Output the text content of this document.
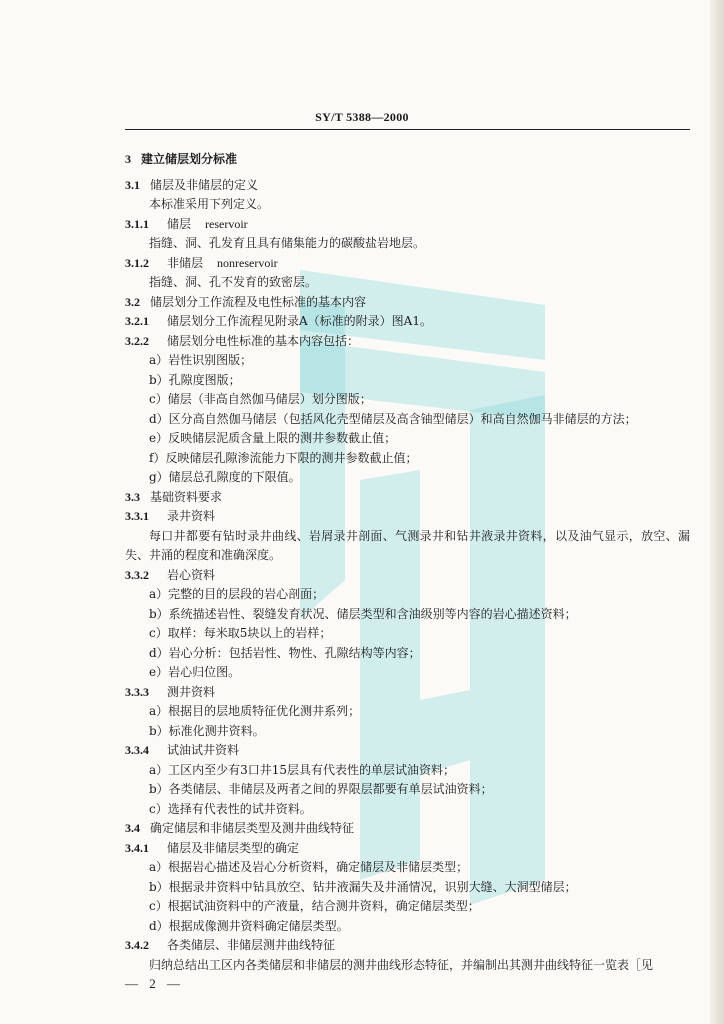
SY/T 5388—2000
3 建立储层划分标准
3.1 储层及非储层的定义
本标准采用下列定义。
3.1.1 储层 reservoir
指缝、洞、孔发育且具有储集能力的碳酸盐岩地层。
3.1.2 非储层 nonreservoir
指缝、洞、孔不发育的致密层。
3.2 储层划分工作流程及电性标准的基本内容
3.2.1 储层划分工作流程见附录A（标准的附录）图A1。
3.2.2 储层划分电性标准的基本内容包括：
a）岩性识别图版；
b）孔隙度图版；
c）储层（非高自然伽马储层）划分图版；
d）区分高自然伽马储层（包括风化壳型储层及高含铀型储层）和高自然伽马非储层的方法；
e）反映储层泥质含量上限的测井参数截止值；
f）反映储层孔隙渗流能力下限的测井参数截止值；
g）储层总孔隙度的下限值。
3.3 基础资料要求
3.3.1 录井资料
每口井都要有钻时录井曲线、岩屑录井剖面、气测录井和钻井液录井资料，以及油气显示，放空、漏失、井涌的程度和准确深度。
3.3.2 岩心资料
a）完整的目的层段的岩心剖面；
b）系统描述岩性、裂缝发育状况、储层类型和含油级别等内容的岩心描述资料；
c）取样：每米取5块以上的岩样；
d）岩心分析：包括岩性、物性、孔隙结构等内容；
e）岩心归位图。
3.3.3 测井资料
a）根据目的层地质特征优化测井系列；
b）标准化测井资料。
3.3.4 试油试井资料
a）工区内至少有3口井15层具有代表性的单层试油资料；
b）各类储层、非储层及两者之间的界限层都要有单层试油资料；
c）选择有代表性的试井资料。
3.4 确定储层和非储层类型及测井曲线特征
3.4.1 储层及非储层类型的确定
a）根据岩心描述及岩心分析资料，确定储层及非储层类型；
b）根据录井资料中钻具放空、钻井液漏失及井涌情况，识别大缝、大洞型储层；
c）根据试油资料中的产液量，结合测井资料，确定储层类型；
d）根据成像测井资料确定储层类型。
3.4.2 各类储层、非储层测井曲线特征
归纳总结出工区内各类储层和非储层的测井曲线形态特征，并编制出其测井曲线特征一览表［见
— 2 —
